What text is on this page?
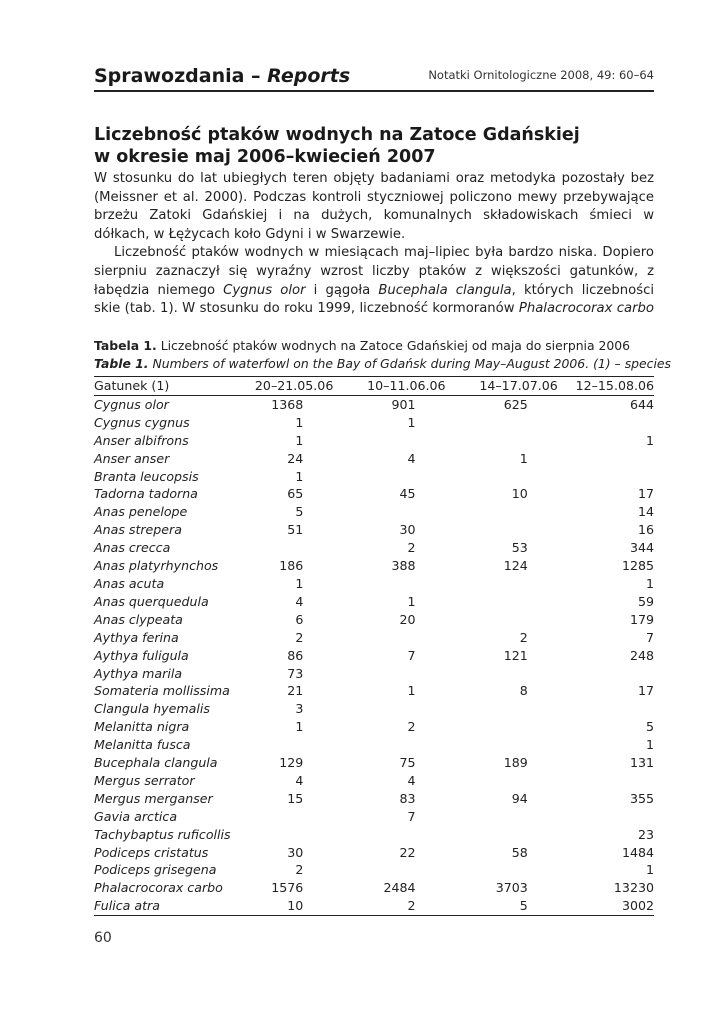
Sprawozdania – Reports	Notatki Ornitologiczne 2008, 49: 60–64
Liczebność ptaków wodnych na Zatoce Gdańskiej
w okresie maj 2006–kwiecień 2007
W stosunku do lat ubiegłych teren objęty badaniami oraz metodyka pozostały bez
(Meissner et al. 2000). Podczas kontroli styczniowej policzono mewy przebywające
brzeżu Zatoki Gdańskiej i na dużych, komunalnych składowiskach śmieci w
dółkach, w Łężycach koło Gdyni i w Swarzewie.
Liczebność ptaków wodnych w miesiącach maj–lipiec była bardzo niska. Dopiero
sierpniu zaznaczył się wyraźny wzrost liczby ptaków z większości gatunków, z
łabędzia niemego Cygnus olor i gągoła Bucephala clangula, których liczebności
skie (tab. 1). W stosunku do roku 1999, liczebność kormoranów Phalacrocorax carbo
Tabela 1. Liczebność ptaków wodnych na Zatoce Gdańskiej od maja do sierpnia 2006
Table 1. Numbers of waterfowl on the Bay of Gdańsk during May–August 2006. (1) – species
Gatunek (1)	20–21.05.06	10–11.06.06	14–17.07.06	12–15.08.06
Cygnus olor	1368	901	625	644
Cygnus cygnus	1	1		
Anser albifrons	1			1
Anser anser	24	4	1	
Branta leucopsis	1			
Tadorna tadorna	65	45	10	17
Anas penelope	5			14
Anas strepera	51	30		16
Anas crecca		2	53	344
Anas platyrhynchos	186	388	124	1285
Anas acuta	1			1
Anas querquedula	4	1		59
Anas clypeata	6	20		179
Aythya ferina	2		2	7
Aythya fuligula	86	7	121	248
Aythya marila	73			
Somateria mollissima	21	1	8	17
Clangula hyemalis	3			
Melanitta nigra	1	2		5
Melanitta fusca				1
Bucephala clangula	129	75	189	131
Mergus serrator	4	4		
Mergus merganser	15	83	94	355
Gavia arctica		7		
Tachybaptus ruficollis				23
Podiceps cristatus	30	22	58	1484
Podiceps grisegena	2			1
Phalacrocorax carbo	1576	2484	3703	13230
Fulica atra	10	2	5	3002
60
